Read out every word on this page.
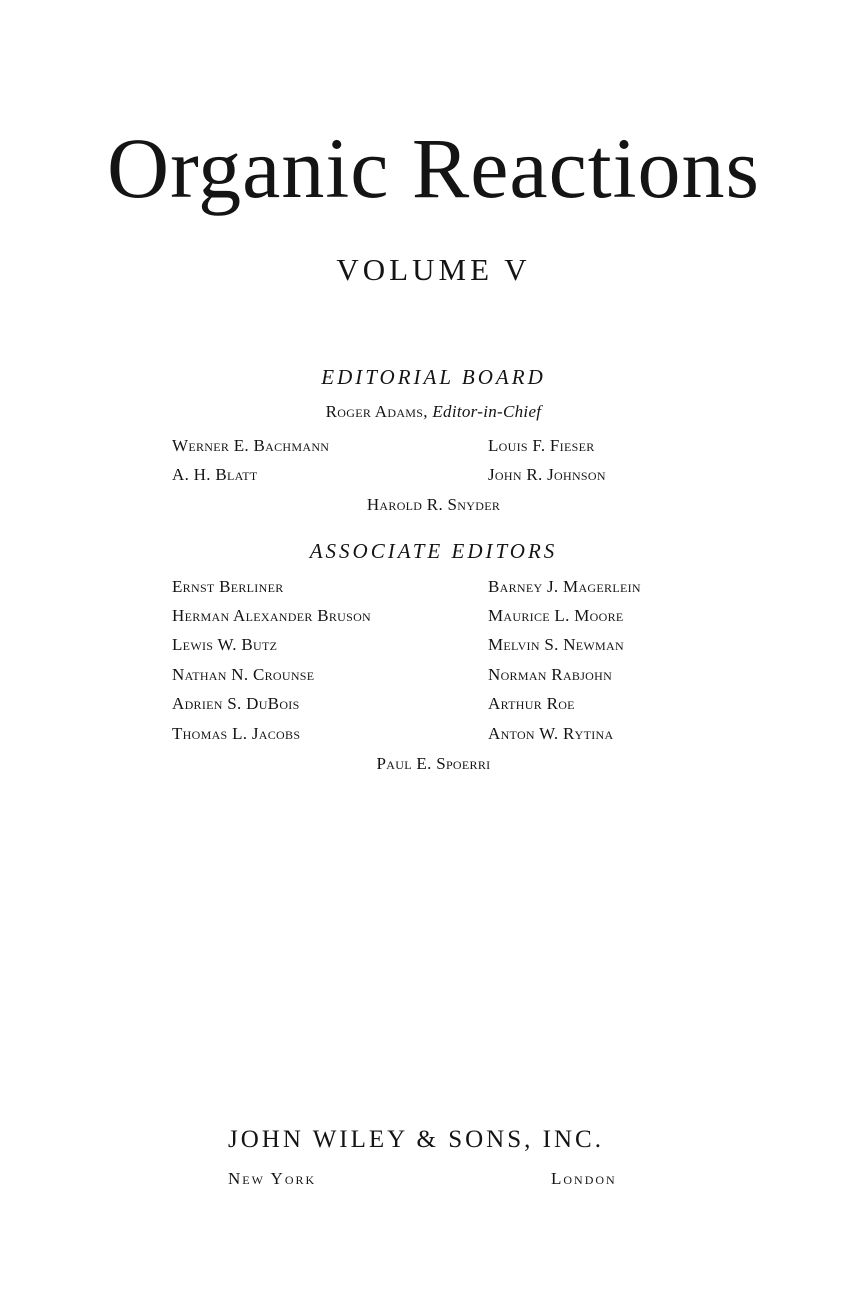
Organic Reactions
VOLUME V
EDITORIAL BOARD
Roger Adams, Editor-in-Chief
Werner E. Bachmann	Louis F. Fieser
A. H. Blatt	John R. Johnson
Harold R. Snyder
ASSOCIATE EDITORS
Ernst Berliner	Barney J. Magerlein
Herman Alexander Bruson	Maurice L. Moore
Lewis W. Butz	Melvin S. Newman
Nathan N. Crounse	Norman Rabjohn
Adrien S. DuBois	Arthur Roe
Thomas L. Jacobs	Anton W. Rytina
Paul E. Spoerri
JOHN WILEY & SONS, INC.
New York	London
